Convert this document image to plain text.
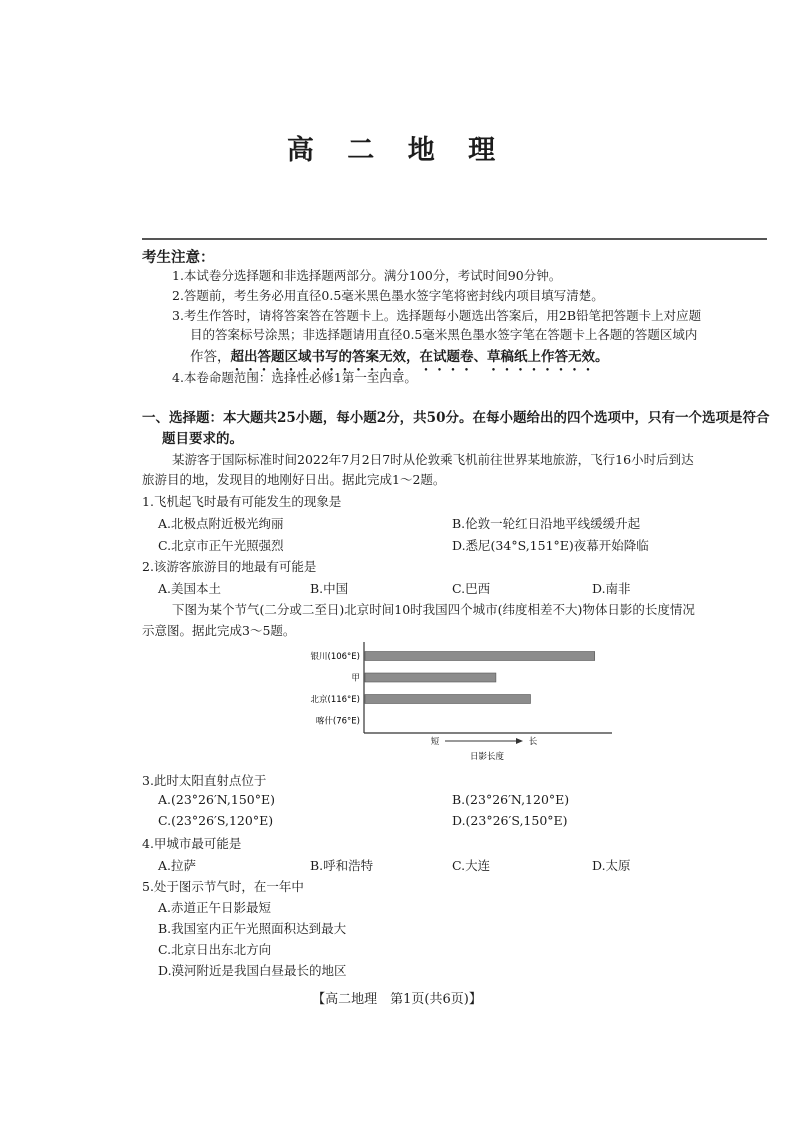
高 二 地 理
考生注意：
1.本试卷分选择题和非选择题两部分。满分100分，考试时间90分钟。
2.答题前，考生务必用直径0.5毫米黑色墨水签字笔将密封线内项目填写清楚。
3.考生作答时，请将答案答在答题卡上。选择题每小题选出答案后，用2B铅笔把答题卡上对应题
目的答案标号涂黑；非选择题请用直径0.5毫米黑色墨水签字笔在答题卡上各题的答题区域内
作答，超出答题区域书写的答案无效，在试题卷、草稿纸上作答无效。
4.本卷命题范围：选择性必修1第一至四章。
一、选择题：本大题共25小题，每小题2分，共50分。在每小题给出的四个选项中，只有一个选项是符合
题目要求的。
某游客于国际标准时间2022年7月2日7时从伦敦乘飞机前往世界某地旅游，飞行16小时后到达
旅游目的地，发现目的地刚好日出。据此完成1～2题。
1.飞机起飞时最有可能发生的现象是
A.北极点附近极光绚丽	B.伦敦一轮红日沿地平线缓缓升起
C.北京市正午光照强烈	D.悉尼(34°S,151°E)夜幕开始降临
2.该游客旅游目的地最有可能是
A.美国本土	B.中国	C.巴西	D.南非
下图为某个节气(二分或二至日)北京时间10时我国四个城市(纬度相差不大)物体日影的长度情况
示意图。据此完成3～5题。
短	长
日影长度
银川(106°E)
甲
北京(116°E)
喀什(76°E)
3.此时太阳直射点位于
A.(23°26′N,150°E)	B.(23°26′N,120°E)
C.(23°26′S,120°E)	D.(23°26′S,150°E)
4.甲城市最可能是
A.拉萨	B.呼和浩特	C.大连	D.太原
5.处于图示节气时，在一年中
A.赤道正午日影最短
B.我国室内正午光照面积达到最大
C.北京日出东北方向
D.漠河附近是我国白昼最长的地区
【高二地理　第1页(共6页)】
